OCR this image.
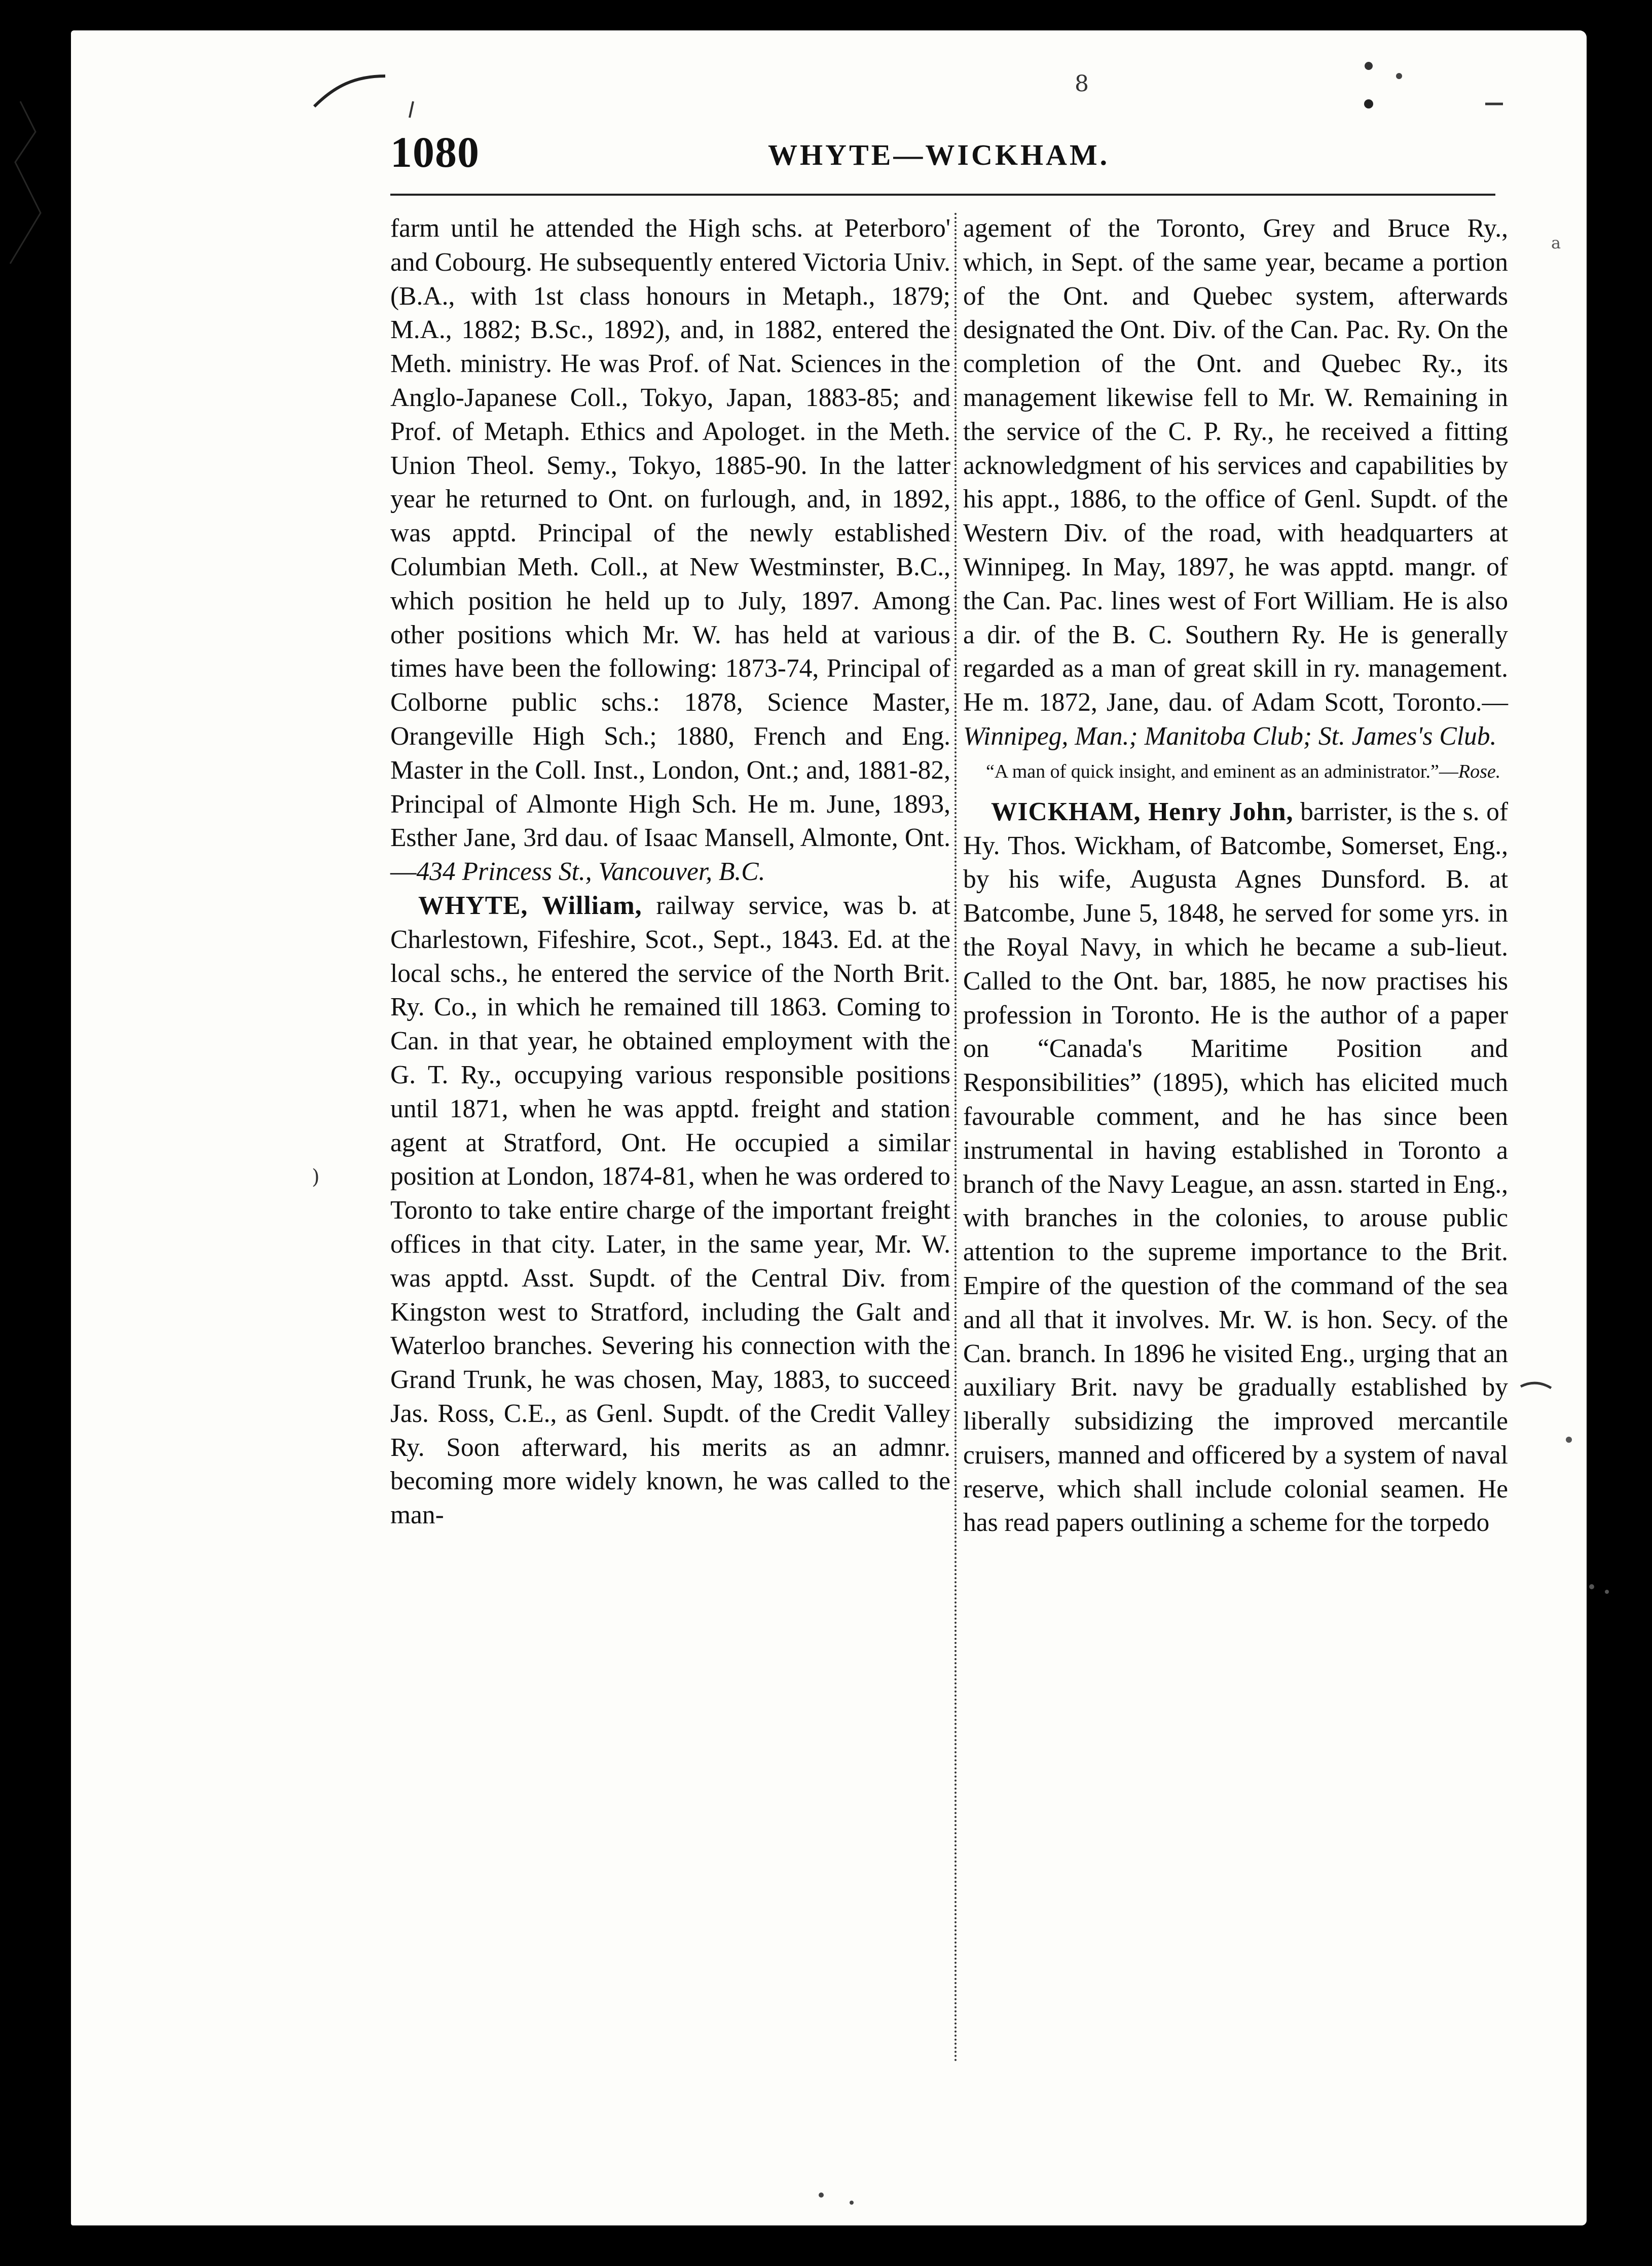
8
a
)
1080	WHYTE—WICKHAM.

farm until he attended the High schs. at Peterboro' and Cobourg. He subsequently entered Victoria Univ. (B.A., with 1st class honours in Metaph., 1879; M.A., 1882; B.Sc., 1892), and, in 1882, entered the Meth. ministry. He was Prof. of Nat. Sciences in the Anglo-Japanese Coll., Tokyo, Japan, 1883-85; and Prof. of Metaph. Ethics and Apologet. in the Meth. Union Theol. Semy., Tokyo, 1885-90. In the latter year he returned to Ont. on furlough, and, in 1892, was apptd. Principal of the newly established Columbian Meth. Coll., at New Westminster, B.C., which position he held up to July, 1897. Among other positions which Mr. W. has held at various times have been the following: 1873-74, Principal of Colborne public schs.: 1878, Science Master, Orangeville High Sch.; 1880, French and Eng. Master in the Coll. Inst., London, Ont.; and, 1881-82, Principal of Almonte High Sch. He m. June, 1893, Esther Jane, 3rd dau. of Isaac Mansell, Almonte, Ont.—434 Princess St., Vancouver, B.C.

WHYTE, William, railway service, was b. at Charlestown, Fifeshire, Scot., Sept., 1843. Ed. at the local schs., he entered the service of the North Brit. Ry. Co., in which he remained till 1863. Coming to Can. in that year, he obtained employment with the G. T. Ry., occupying various responsible positions until 1871, when he was apptd. freight and station agent at Stratford, Ont. He occupied a similar position at London, 1874-81, when he was ordered to Toronto to take entire charge of the important freight offices in that city. Later, in the same year, Mr. W. was apptd. Asst. Supdt. of the Central Div. from Kingston west to Stratford, including the Galt and Waterloo branches. Severing his connection with the Grand Trunk, he was chosen, May, 1883, to succeed Jas. Ross, C.E., as Genl. Supdt. of the Credit Valley Ry. Soon afterward, his merits as an admnr. becoming more widely known, he was called to the man-

agement of the Toronto, Grey and Bruce Ry., which, in Sept. of the same year, became a portion of the Ont. and Quebec system, afterwards designated the Ont. Div. of the Can. Pac. Ry. On the completion of the Ont. and Quebec Ry., its management likewise fell to Mr. W. Remaining in the service of the C. P. Ry., he received a fitting acknowledgment of his services and capabilities by his appt., 1886, to the office of Genl. Supdt. of the Western Div. of the road, with headquarters at Winnipeg. In May, 1897, he was apptd. mangr. of the Can. Pac. lines west of Fort William. He is also a dir. of the B. C. Southern Ry. He is generally regarded as a man of great skill in ry. management. He m. 1872, Jane, dau. of Adam Scott, Toronto.—Winnipeg, Man.; Manitoba Club; St. James's Club.

“A man of quick insight, and eminent as an administrator.”—Rose.

WICKHAM, Henry John, barrister, is the s. of Hy. Thos. Wickham, of Batcombe, Somerset, Eng., by his wife, Augusta Agnes Dunsford. B. at Batcombe, June 5, 1848, he served for some yrs. in the Royal Navy, in which he became a sub-lieut. Called to the Ont. bar, 1885, he now practises his profession in Toronto. He is the author of a paper on “Canada's Maritime Position and Responsibilities” (1895), which has elicited much favourable comment, and he has since been instrumental in having established in Toronto a branch of the Navy League, an assn. started in Eng., with branches in the colonies, to arouse public attention to the supreme importance to the Brit. Empire of the question of the command of the sea and all that it involves. Mr. W. is hon. Secy. of the Can. branch. In 1896 he visited Eng., urging that an auxiliary Brit. navy be gradually established by liberally subsidizing the improved mercantile cruisers, manned and officered by a system of naval reserve, which shall include colonial seamen. He has read papers outlining a scheme for the torpedo
